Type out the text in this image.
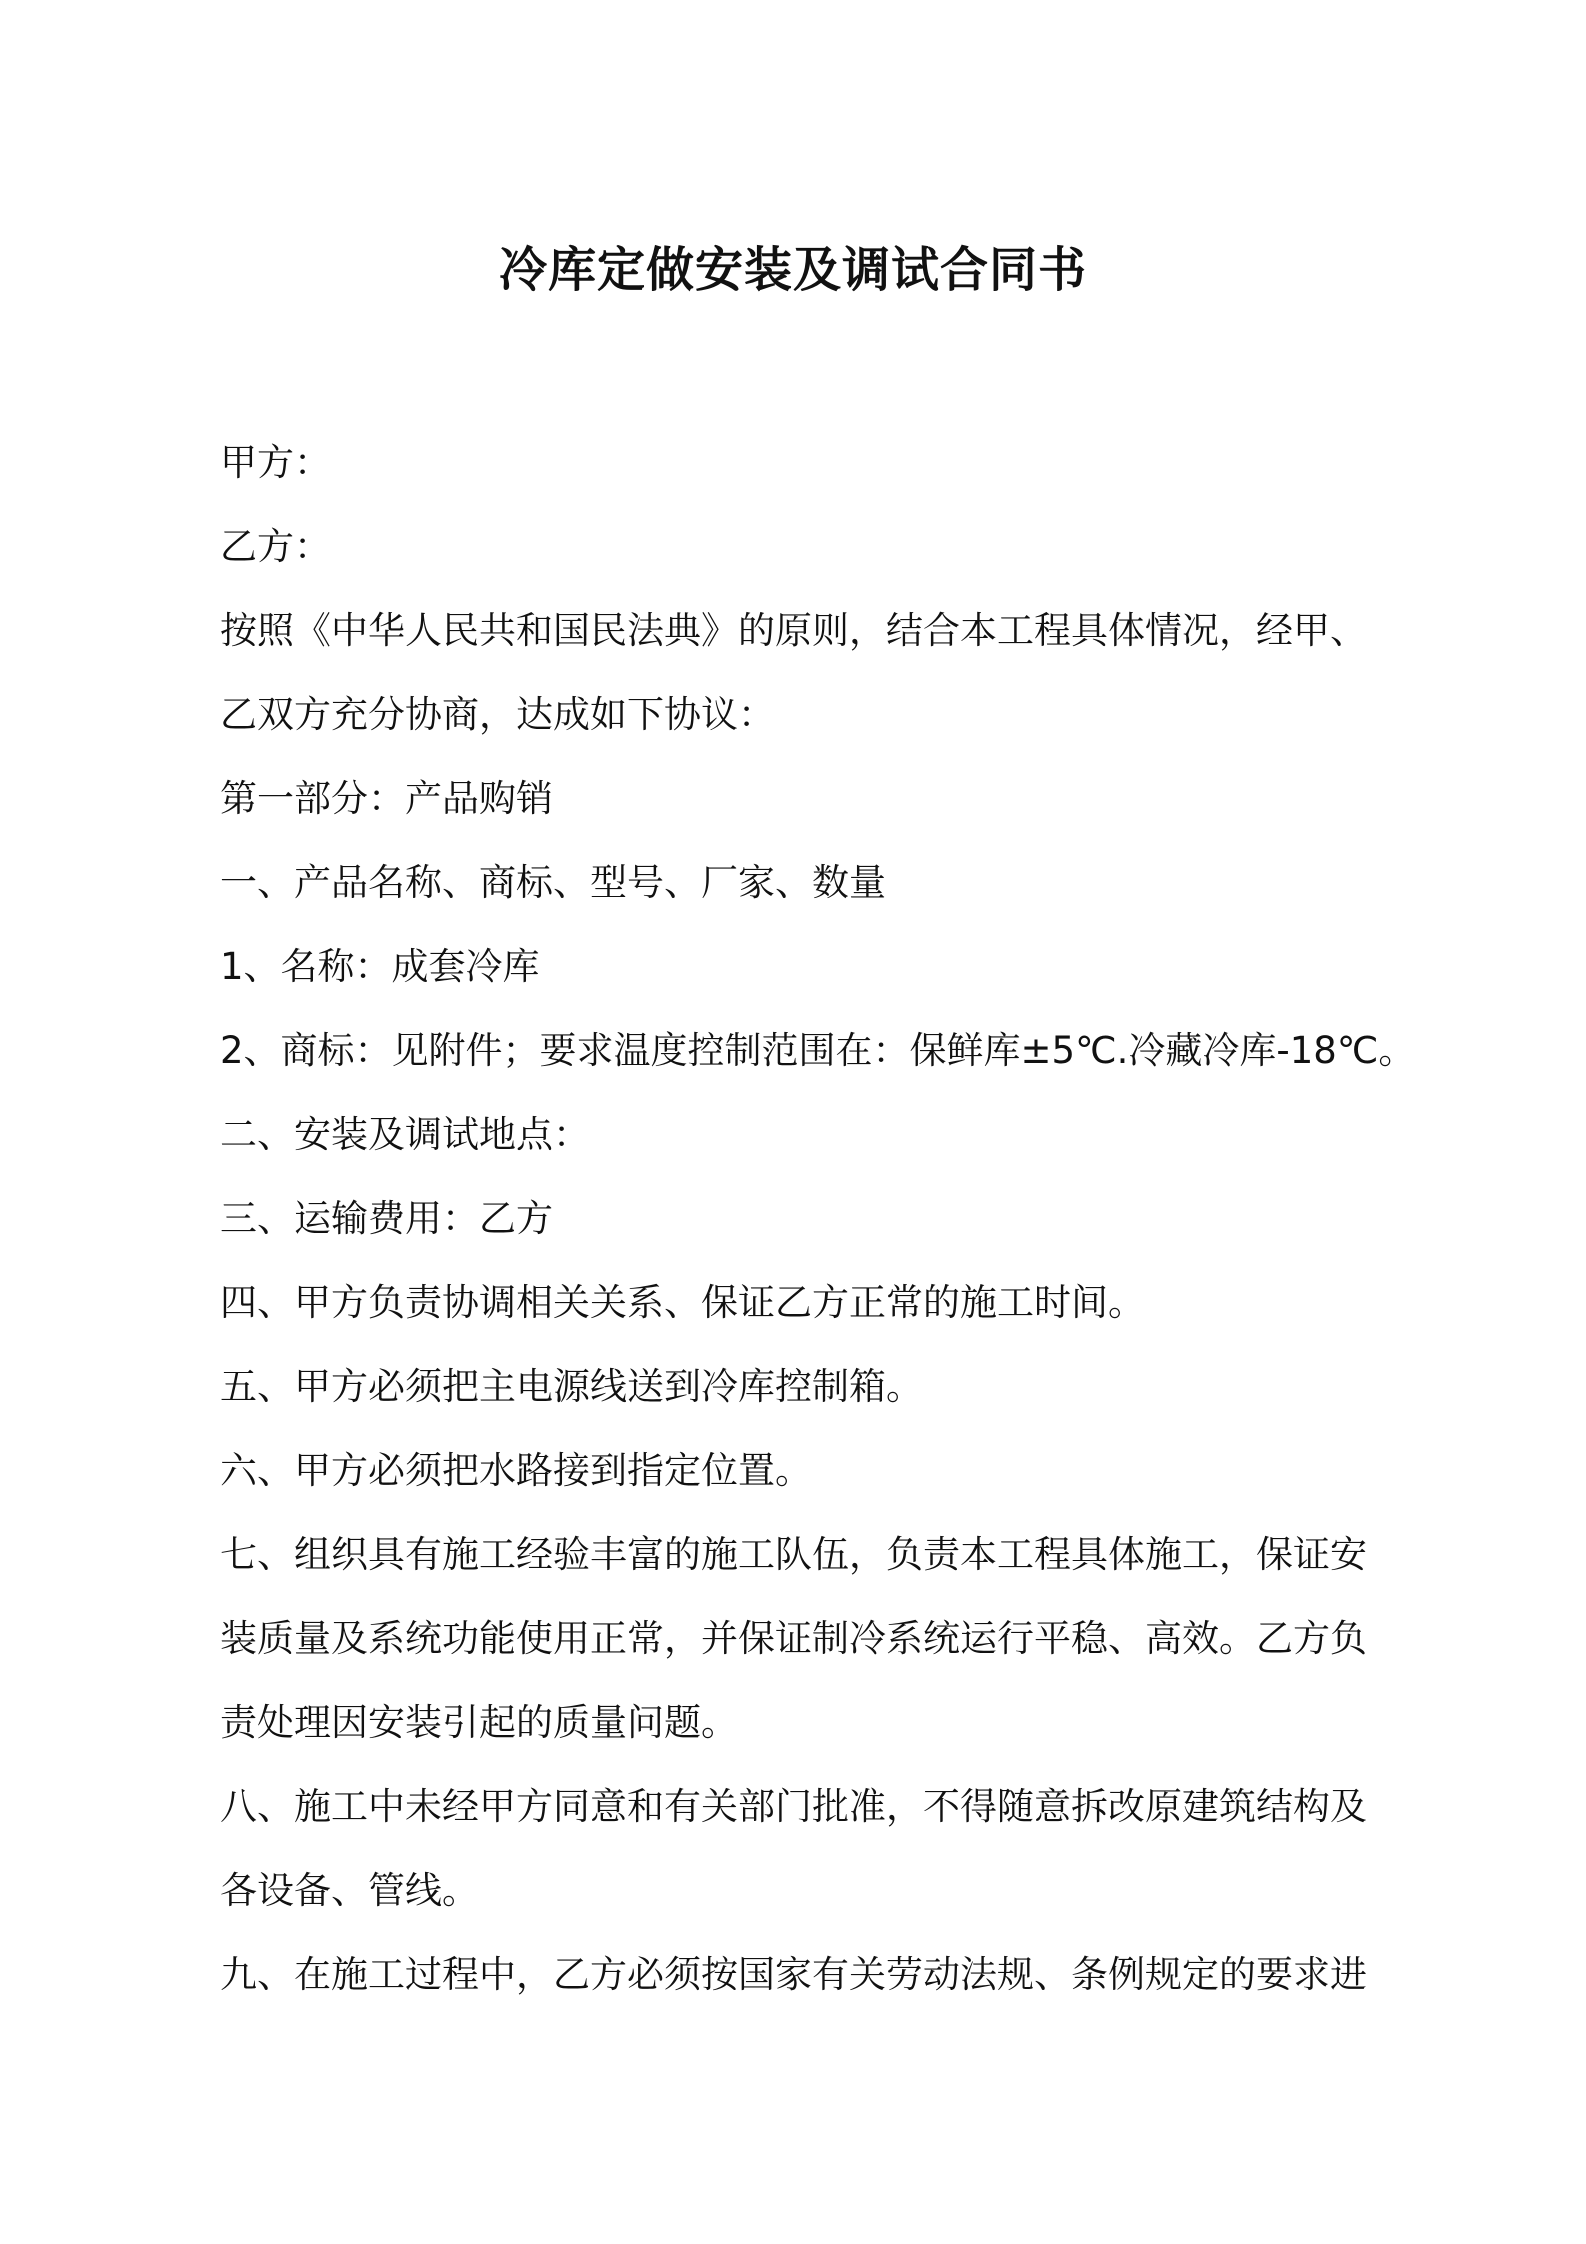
冷库定做安装及调试合同书
甲方：
乙方：
按照《中华人民共和国民法典》的原则，结合本工程具体情况，经甲、
乙双方充分协商，达成如下协议：
第一部分：产品购销
一、产品名称、商标、型号、厂家、数量
1、名称：成套冷库
2、商标：见附件；要求温度控制范围在：保鲜库±5℃.冷藏冷库-18℃。
二、安装及调试地点：
三、运输费用：乙方
四、甲方负责协调相关关系、保证乙方正常的施工时间。
五、甲方必须把主电源线送到冷库控制箱。
六、甲方必须把水路接到指定位置。
七、组织具有施工经验丰富的施工队伍，负责本工程具体施工，保证安
装质量及系统功能使用正常，并保证制冷系统运行平稳、高效。乙方负
责处理因安装引起的质量问题。
八、施工中未经甲方同意和有关部门批准，不得随意拆改原建筑结构及
各设备、管线。
九、在施工过程中，乙方必须按国家有关劳动法规、条例规定的要求进
